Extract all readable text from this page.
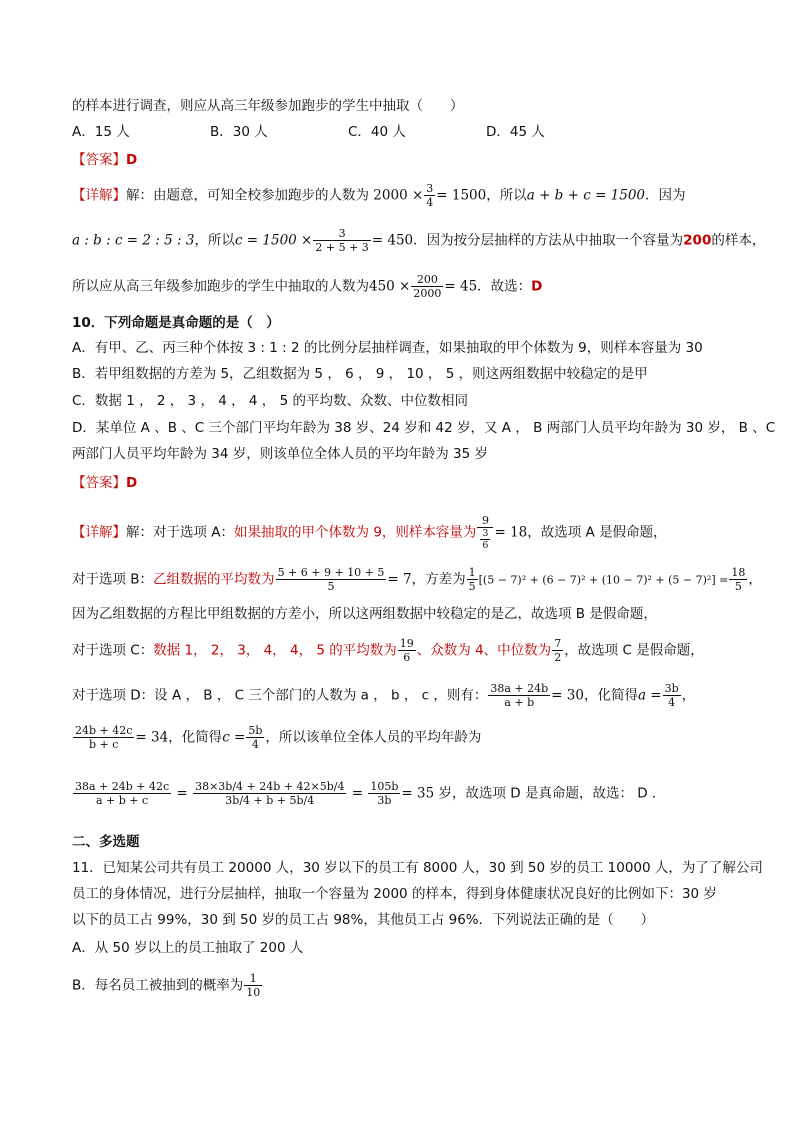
的样本进行调查，则应从高三年级参加跑步的学生中抽取（　　）
A．15 人	B．30 人	C．40 人	D．45 人
【答案】D
【详解】解：由题意，可知全校参加跑步的人数为 $2000 \times \frac{3}{4} = 1500$，所以a + b + c = 1500．因为
a : b : c = 2 : 5 : 3，所以$c = 1500 \times \frac{3}{2 + 5 + 3} = 450$．因为按分层抽样的方法从中抽取一个容量为200的样本，
所以应从高三年级参加跑步的学生中抽取的人数为$450 \times \frac{200}{2000} = 45$．故选：D
10．下列命题是真命题的是（　）
A．有甲、乙、丙三种个体按 3 : 1 : 2 的比例分层抽样调查，如果抽取的甲个体数为 9，则样本容量为 30
B．若甲组数据的方差为 5，乙组数据为 5 ， 6 ， 9 ， 10 ， 5 ，则这两组数据中较稳定的是甲
C．数据 1 ， 2 ， 3 ， 4 ， 4 ， 5 的平均数、众数、中位数相同
D．某单位 A 、B 、C 三个部门平均年龄为 38 岁、24 岁和 42 岁，又 A ， B 两部门人员平均年龄为 30 岁， B 、C
两部门人员平均年龄为 34 岁，则该单位全体人员的平均年龄为 35 岁
【答案】D
【详解】解：对于选项 A：如果抽取的甲个体数为 9，则样本容量为 $\frac{9}{\frac{3}{6}} = 18$，故选项 A 是假命题，
对于选项 B：乙组数据的平均数为 $\frac{5 + 6 + 9 + 10 + 5}{5} = 7$，方差为 $\frac{1}{5} [(5 - 7)^2 + (6 - 7)^2 + (10 - 7)^2 + (5 - 7)^2] = \frac{18}{5}$ ，
因为乙组数据的方程比甲组数据的方差小，所以这两组数据中较稳定的是乙，故选项 B 是假命题，
对于选项 C：数据 1， 2， 3， 4， 4， 5 的平均数为 $\frac{19}{6}$ 、众数为 4、中位数为 $\frac{7}{2}$ ，故选项 C 是假命题，
对于选项 D：设 A ， B ， C 三个部门的人数为 a ， b ， c ，则有： $\frac{38a + 24b}{a + b} = 30$，化简得$a = \frac{3b}{4}$ ，
$\frac{24b + 42c}{b + c} = 34$，化简得$c = \frac{5b}{4}$ ，所以该单位全体人员的平均年龄为
$\frac{38a + 24b + 42c}{a + b + c} = \frac{38\times 3b/4 + 24b + 42\times 5b/4}{3b/4 + b + 5b/4} = \frac{105b}{3b} = 35$ 岁，故选项 D 是真命题，故选： D ．
二、多选题
11．已知某公司共有员工 20000 人，30 岁以下的员工有 8000 人，30 到 50 岁的员工 10000 人，为了了解公司
员工的身体情况，进行分层抽样，抽取一个容量为 2000 的样本，得到身体健康状况良好的比例如下：30 岁
以下的员工占 99%，30 到 50 岁的员工占 98%，其他员工占 96%．下列说法正确的是（　　）
A．从 50 岁以上的员工抽取了 200 人
B．每名员工被抽到的概率为 $\frac{1}{10}$
